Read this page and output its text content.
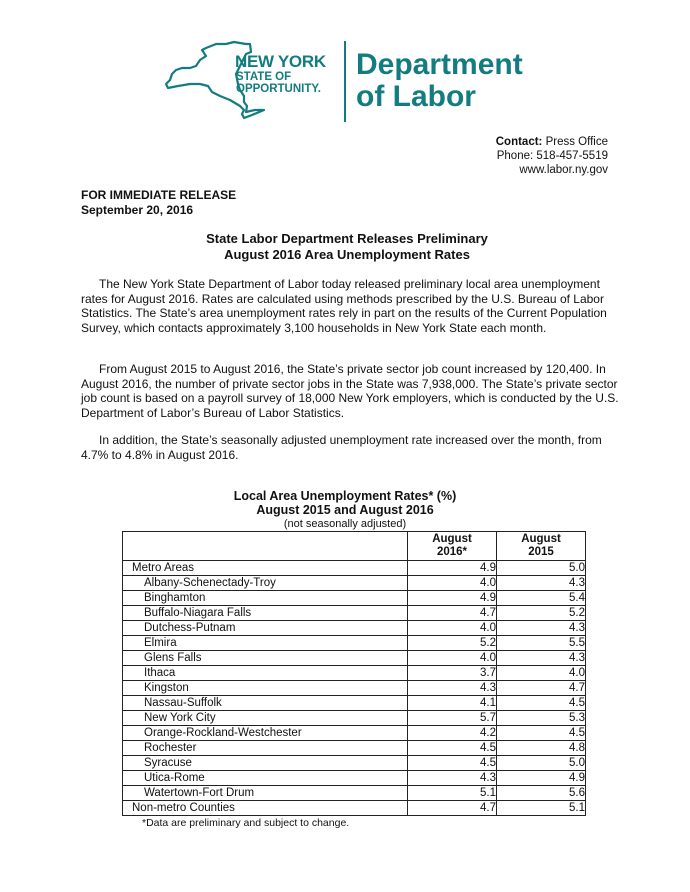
NEW YORK
STATE OF
OPPORTUNITY.
Department
of Labor
Contact: Press Office
Phone: 518-457-5519
www.labor.ny.gov
FOR IMMEDIATE RELEASE
September 20, 2016
State Labor Department Releases Preliminary
August 2016 Area Unemployment Rates
The New York State Department of Labor today released preliminary local area unemployment rates for August 2016. Rates are calculated using methods prescribed by the U.S. Bureau of Labor Statistics. The State’s area unemployment rates rely in part on the results of the Current Population Survey, which contacts approximately 3,100 households in New York State each month.
From August 2015 to August 2016, the State’s private sector job count increased by 120,400. In August 2016, the number of private sector jobs in the State was 7,938,000. The State’s private sector job count is based on a payroll survey of 18,000 New York employers, which is conducted by the U.S. Department of Labor’s Bureau of Labor Statistics.
In addition, the State’s seasonally adjusted unemployment rate increased over the month, from 4.7% to 4.8% in August 2016.
Local Area Unemployment Rates* (%)
August 2015 and August 2016
(not seasonally adjusted)

August
2016*

August
2015

Metro Areas	4.9	5.0
Albany-Schenectady-Troy	4.0	4.3
Binghamton	4.9	5.4
Buffalo-Niagara Falls	4.7	5.2
Dutchess-Putnam	4.0	4.3
Elmira	5.2	5.5
Glens Falls	4.0	4.3
Ithaca	3.7	4.0
Kingston	4.3	4.7
Nassau-Suffolk	4.1	4.5
New York City	5.7	5.3
Orange-Rockland-Westchester	4.2	4.5
Rochester	4.5	4.8
Syracuse	4.5	5.0
Utica-Rome	4.3	4.9
Watertown-Fort Drum	5.1	5.6
Non-metro Counties	4.7	5.1
*Data are preliminary and subject to change.
